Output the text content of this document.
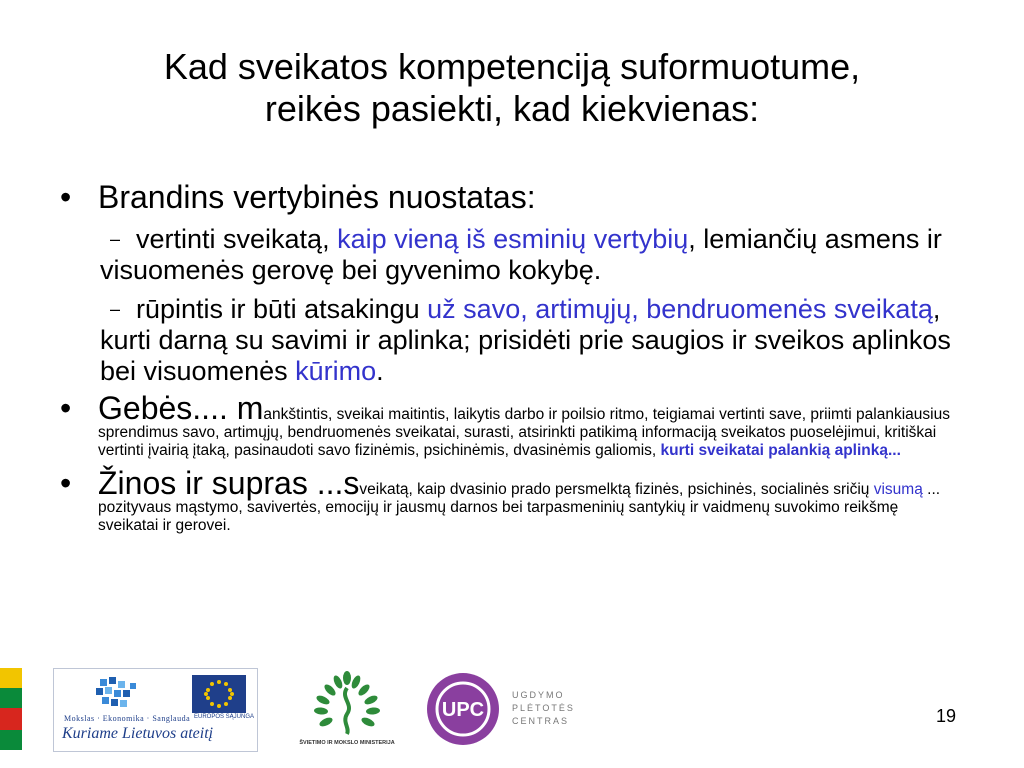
Kad sveikatos kompetenciją suformuotume,
reikės pasiekti, kad kiekvienas:
• Brandins vertybinės nuostatas:
– vertinti sveikatą, kaip vieną iš esminių vertybių, lemiančių asmens ir visuomenės gerovę bei gyvenimo kokybę.
– rūpintis ir būti atsakingu už savo, artimųjų, bendruomenės sveikatą, kurti darną su savimi ir aplinka; prisidėti prie saugios ir sveikos aplinkos bei visuomenės kūrimo.
• Gebės.... mankštintis, sveikai maitintis, laikytis darbo ir poilsio ritmo, teigiamai vertinti save, priimti palankiausius sprendimus savo, artimųjų, bendruomenės sveikatai, surasti, atsirinkti patikimą informaciją sveikatos puoselėjimui, kritiškai vertinti įvairią įtaką, pasinaudoti savo fizinėmis, psichinėmis, dvasinėmis galiomis, kurti sveikatai palankią aplinką...
• Žinos ir supras ...sveikatą, kaip dvasinio prado persmelktą fizinės, psichinės, socialinės sričių visumą ... pozityvaus mąstymo, savivertės, emocijų ir jausmų darnos bei tarpasmeninių santykių ir vaidmenų suvokimo reikšmę sveikatai ir gerovei.
Mokslas · Ekonomika · Sanglauda EUROPOS SĄJUNGA
Kuriame Lietuvos ateitį
ŠVIETIMO IR MOKSLO MINISTERIJA
UPC
UGDYMO
PLĖTOTĖS
CENTRAS	19
